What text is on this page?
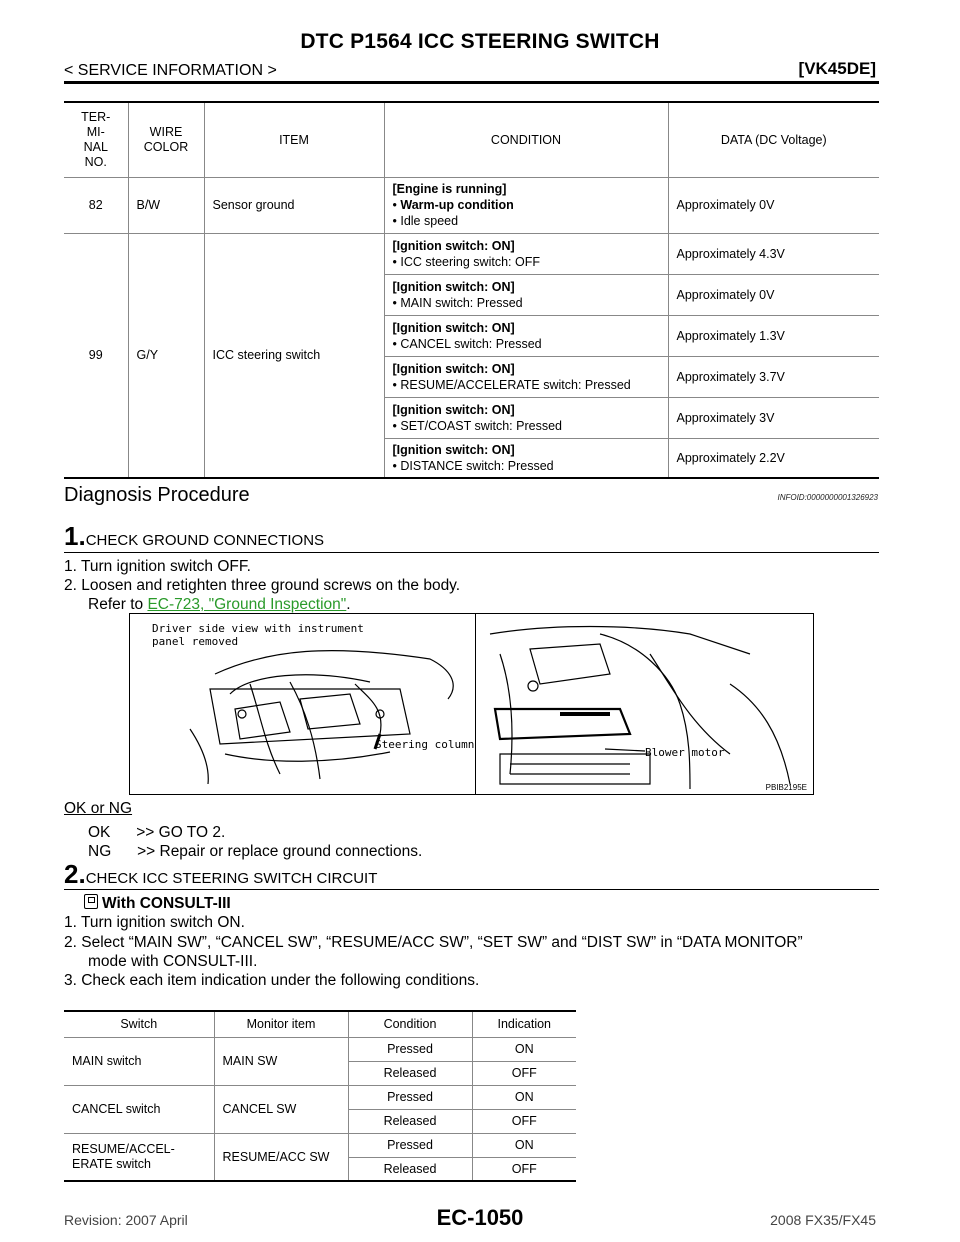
DTC P1564 ICC STEERING SWITCH
< SERVICE INFORMATION >	[VK45DE]
TER-
MI-
NAL
NO.	WIRE
COLOR	ITEM	CONDITION	DATA (DC Voltage)
82	B/W	Sensor ground	[Engine is running]
• Warm-up condition
• Idle speed	Approximately 0V
99	G/Y	ICC steering switch	[Ignition switch: ON]
• ICC steering switch: OFF	Approximately 4.3V

			[Ignition switch: ON]
• MAIN switch: Pressed	Approximately 0V

			[Ignition switch: ON]
• CANCEL switch: Pressed	Approximately 1.3V

			[Ignition switch: ON]
• RESUME/ACCELERATE switch: Pressed	Approximately 3.7V

			[Ignition switch: ON]
• SET/COAST switch: Pressed	Approximately 3V

			[Ignition switch: ON]
• DISTANCE switch: Pressed	Approximately 2.2V
Diagnosis Procedure	INFOID:0000000001326923
1.CHECK GROUND CONNECTIONS
1. Turn ignition switch OFF.
2. Loosen and retighten three ground screws on the body.
Refer to EC-723, "Ground Inspection".
Driver side view with instrument
panel removed
Steering column
Blower motor
PBIB2195E
OK or NG
OK      >> GO TO 2.
NG      >> Repair or replace ground connections.
2.CHECK ICC STEERING SWITCH CIRCUIT
With CONSULT-III
1. Turn ignition switch ON.
2. Select “MAIN SW”, “CANCEL SW”, “RESUME/ACC SW”, “SET SW” and “DIST SW” in “DATA MONITOR”
mode with CONSULT-III.
3. Check each item indication under the following conditions.
Switch	Monitor item	Condition	Indication
MAIN switch	MAIN SW	Pressed	ON
		Released	OFF
CANCEL switch	CANCEL SW	Pressed	ON
		Released	OFF
RESUME/ACCEL-
ERATE switch	RESUME/ACC SW	Pressed	ON
		Released	OFF
Revision: 2007 April	EC-1050	2008 FX35/FX45
